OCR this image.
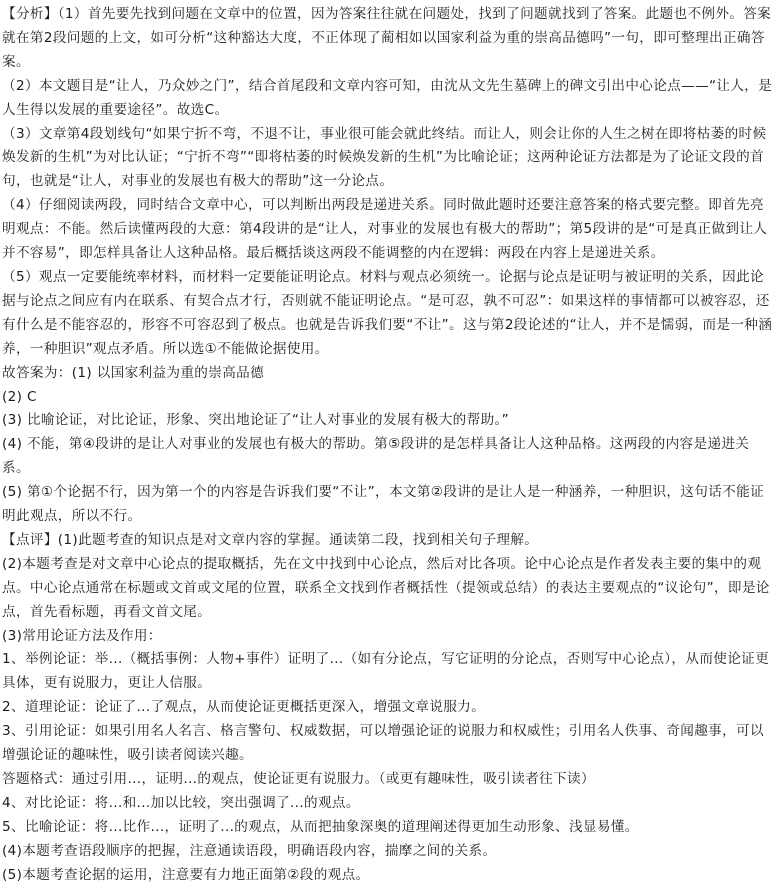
【分析】（1）首先要先找到问题在文章中的位置，因为答案往往就在问题处，找到了问题就找到了答案。此题也不例外。答案就在第2段问题的上文，如可分析“这种豁达大度，不正体现了蔺相如以国家利益为重的崇高品德吗”一句，即可整理出正确答案。

（2）本文题目是“让人，乃众妙之门”，结合首尾段和文章内容可知，由沈从文先生墓碑上的碑文引出中心论点——“让人，是人生得以发展的重要途径”。故选C。

（3）文章第4段划线句“如果宁折不弯，不退不让，事业很可能会就此终结。而让人，则会让你的人生之树在即将枯萎的时候焕发新的生机”为对比认证；“宁折不弯”“即将枯萎的时候焕发新的生机”为比喻论证；这两种论证方法都是为了论证文段的首句，也就是“让人，对事业的发展也有极大的帮助”这一分论点。

（4）仔细阅读两段，同时结合文章中心，可以判断出两段是递进关系。同时做此题时还要注意答案的格式要完整。即首先亮明观点：不能。然后读懂两段的大意：第4段讲的是“让人，对事业的发展也有极大的帮助”；第5段讲的是“可是真正做到让人并不容易”，即怎样具备让人这种品格。最后概括谈这两段不能调整的内在逻辑：两段在内容上是递进关系。

（5）观点一定要能统率材料，而材料一定要能证明论点。材料与观点必须统一。论据与论点是证明与被证明的关系，因此论据与论点之间应有内在联系、有契合点才行，否则就不能证明论点。“是可忍，孰不可忍”：如果这样的事情都可以被容忍，还有什么是不能容忍的，形容不可容忍到了极点。也就是告诉我们要“不让”。这与第2段论述的“让人，并不是懦弱，而是一种涵养，一种胆识”观点矛盾。所以选①不能做论据使用。

故答案为：(1) 以国家利益为重的崇高品德

(2) C

(3) 比喻论证，对比论证，形象、突出地论证了“让人对事业的发展有极大的帮助。”

(4) 不能，第④段讲的是让人对事业的发展也有极大的帮助。第⑤段讲的是怎样具备让人这种品格。这两段的内容是递进关系。

(5) 第①个论据不行，因为第一个的内容是告诉我们要“不让”，本文第②段讲的是让人是一种涵养，一种胆识，这句话不能证明此观点，所以不行。

【点评】(1)此题考查的知识点是对文章内容的掌握。通读第二段，找到相关句子理解。

(2)本题考查是对文章中心论点的提取概括，先在文中找到中心论点，然后对比各项。论中心论点是作者发表主要的集中的观点。中心论点通常在标题或文首或文尾的位置，联系全文找到作者概括性（提领或总结）的表达主要观点的“议论句”，即是论点，首先看标题，再看文首文尾。

(3)常用论证方法及作用：

1、举例论证：举...（概括事例：人物+事件）证明了...（如有分论点，写它证明的分论点，否则写中心论点），从而使论证更具体，更有说服力，更让人信服。

2、道理论证：论证了...了观点，从而使论证更概括更深入，增强文章说服力。

3、引用论证：如果引用名人名言、格言警句、权威数据，可以增强论证的说服力和权威性；引用名人佚事、奇闻趣事，可以增强论证的趣味性，吸引读者阅读兴趣。

答题格式：通过引用...，证明...的观点，使论证更有说服力。（或更有趣味性，吸引读者往下读）

4、对比论证：将...和...加以比较，突出强调了...的观点。

5、比喻论证：将...比作...，证明了...的观点，从而把抽象深奥的道理阐述得更加生动形象、浅显易懂。

(4)本题考查语段顺序的把握，注意通读语段，明确语段内容，揣摩之间的关系。

(5)本题考查论据的运用，注意要有力地正面第②段的观点。
